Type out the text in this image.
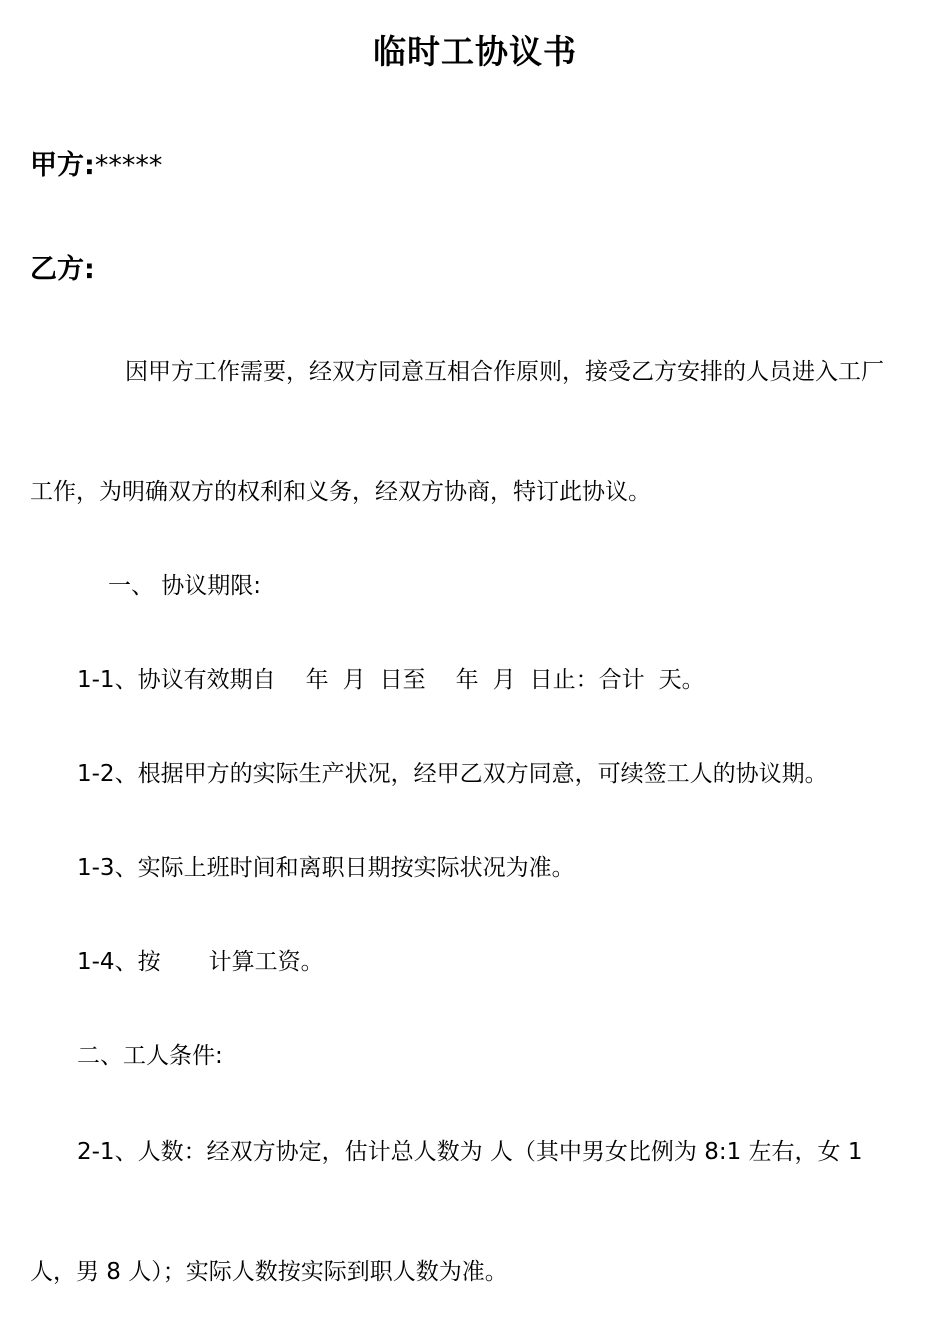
临时工协议书
甲方:*****
乙方:
因甲方工作需要，经双方同意互相合作原则，接受乙方安排的人员进入工厂
工作，为明确双方的权利和义务，经双方协商，特订此协议。
一、 协议期限:
1-1、协议有效期自 年 月 日至 年 月 日止：合计 天。
1-2、根据甲方的实际生产状况，经甲乙双方同意，可续签工人的协议期。
1-3、实际上班时间和离职日期按实际状况为准。
1-4、按 计算工资。
二、工人条件:
2-1、人数：经双方协定，估计总人数为 人（其中男女比例为 8:1 左右，女 1
人，男 8 人）；实际人数按实际到职人数为准。
